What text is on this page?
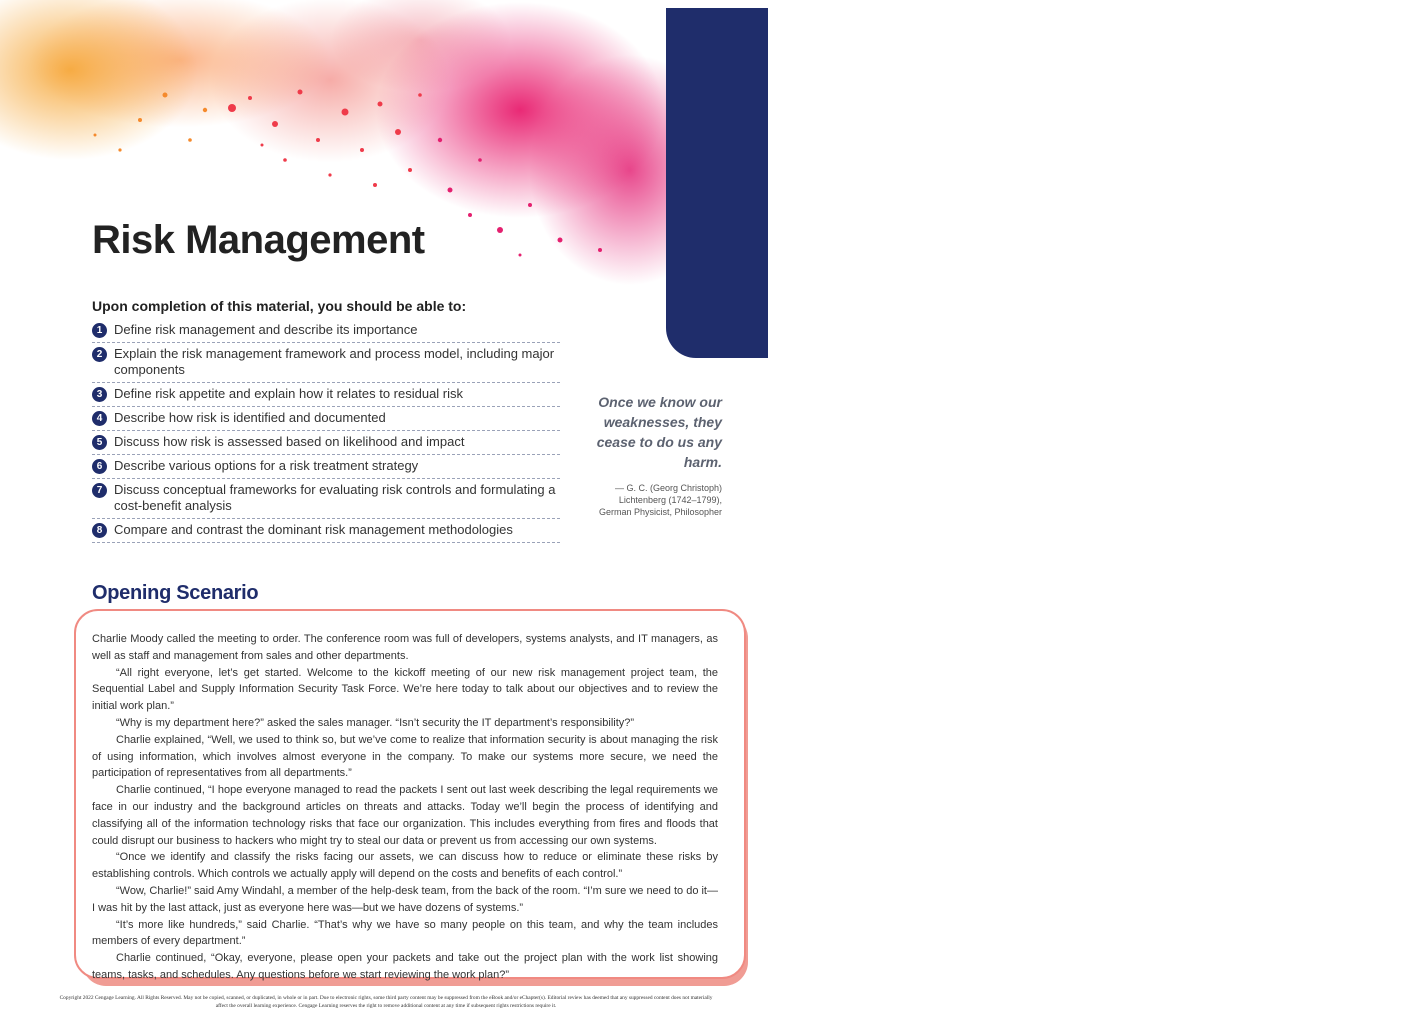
Risk Management	MODULE 4
Upon completion of this material, you should be able to:
1 Define risk management and describe its importance
2 Explain the risk management framework and process model, including major components
3 Define risk appetite and explain how it relates to residual risk
4 Describe how risk is identified and documented
5 Discuss how risk is assessed based on likelihood and impact
6 Describe various options for a risk treatment strategy
7 Discuss conceptual frameworks for evaluating risk controls and formulating a cost-benefit analysis
8 Compare and contrast the dominant risk management methodologies

Once we know our weaknesses, they cease to do us any harm.

— G. C. (Georg Christoph) Lichtenberg (1742–1799), German Physicist, Philosopher
Opening Scenario

Charlie Moody called the meeting to order. The conference room was full of developers, systems analysts, and IT managers, as well as staff and management from sales and other departments.

“All right everyone, let’s get started. Welcome to the kickoff meeting of our new risk management project team, the Sequential Label and Supply Information Security Task Force. We’re here today to talk about our objectives and to review the initial work plan.”

“Why is my department here?” asked the sales manager. “Isn’t security the IT department’s responsibility?”

Charlie explained, “Well, we used to think so, but we’ve come to realize that information security is about managing the risk of using information, which involves almost everyone in the company. To make our systems more secure, we need the participation of representatives from all departments.”

Charlie continued, “I hope everyone managed to read the packets I sent out last week describing the legal requirements we face in our industry and the background articles on threats and attacks. Today we’ll begin the process of identifying and classifying all of the information technology risks that face our organization. This includes everything from fires and floods that could disrupt our business to hackers who might try to steal our data or prevent us from accessing our own systems.

“Once we identify and classify the risks facing our assets, we can discuss how to reduce or eliminate these risks by establishing controls. Which controls we actually apply will depend on the costs and benefits of each control.”

“Wow, Charlie!” said Amy Windahl, a member of the help-desk team, from the back of the room. “I’m sure we need to do it—I was hit by the last attack, just as everyone here was—but we have dozens of systems.”

“It’s more like hundreds,” said Charlie. “That’s why we have so many people on this team, and why the team includes members of every department.”

Charlie continued, “Okay, everyone, please open your packets and take out the project plan with the work list showing teams, tasks, and schedules. Any questions before we start reviewing the work plan?”

Copyright 2022 Cengage Learning. All Rights Reserved. May not be copied, scanned, or duplicated, in whole or in part. Due to electronic rights, some third party content may be suppressed from the eBook and/or eChapter(s). Editorial review has deemed that any suppressed content does not materially affect the overall learning experience. Cengage Learning reserves the right to remove additional content at any time if subsequent rights restrictions require it.
